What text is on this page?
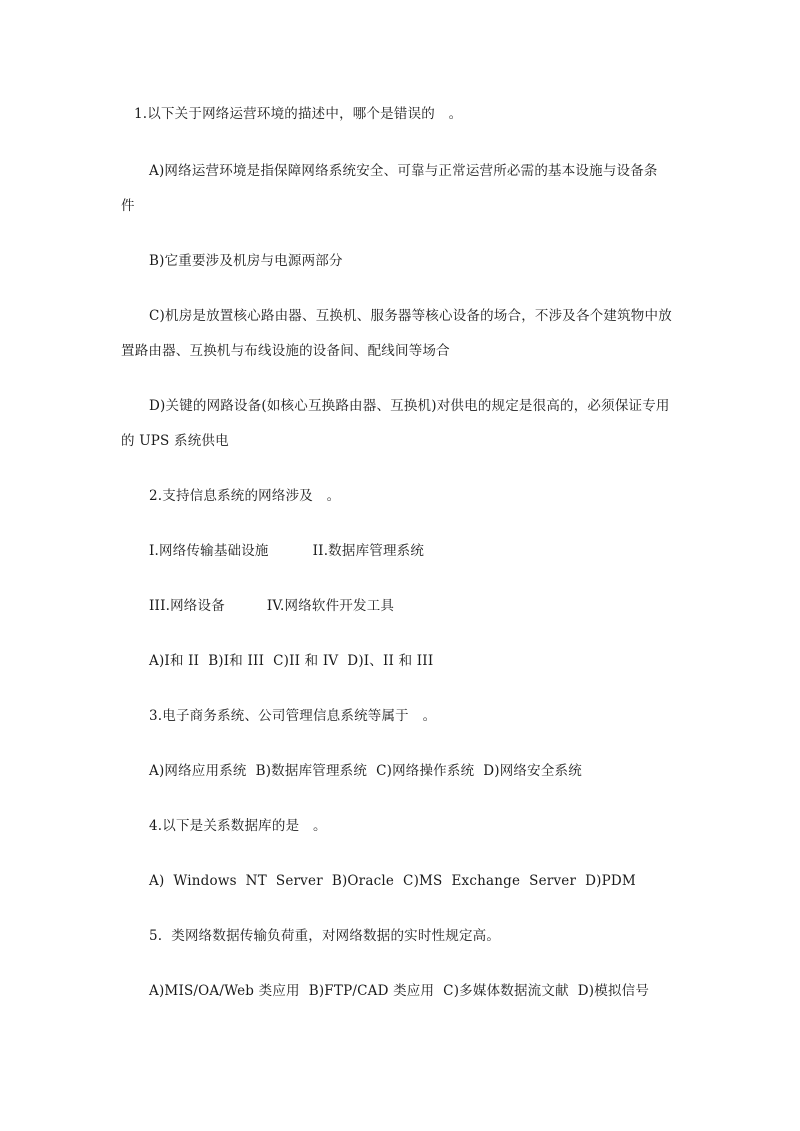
1.以下关于网络运营环境的描述中，哪个是错误的　。
A)网络运营环境是指保障网络系统安全、可靠与正常运营所必需的基本设施与设备条
件
B)它重要涉及机房与电源两部分
C)机房是放置核心路由器、互换机、服务器等核心设备的场合，不涉及各个建筑物中放
置路由器、互换机与布线设施的设备间、配线间等场合
D)关键的网路设备(如核心互换路由器、互换机)对供电的规定是很高的，必须保证专用
的 UPS 系统供电
2.支持信息系统的网络涉及　。
Ⅰ.网络传输基础设施	II.数据库管理系统
III.网络设备	IV.网络软件开发工具
A)Ⅰ和 II  B)Ⅰ和 III  C)II 和 IV  D)Ⅰ、II 和 III
3.电子商务系统、公司管理信息系统等属于　。
A)网络应用系统  B)数据库管理系统  C)网络操作系统  D)网络安全系统
4.以下是关系数据库的是　。
A)  Windows  NT  Server  B)Oracle  C)MS  Exchange  Server  D)PDM
5.  类网络数据传输负荷重，对网络数据的实时性规定高。
A)MIS/OA/Web 类应用  B)FTP/CAD 类应用  C)多媒体数据流文献  D)模拟信号
